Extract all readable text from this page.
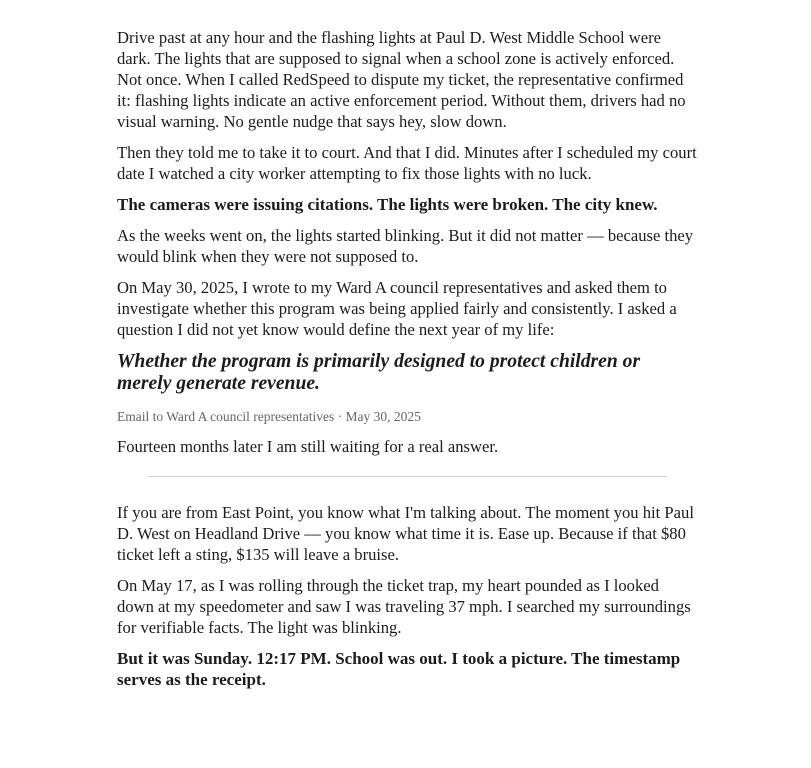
Drive past at any hour and the flashing lights at Paul D. West Middle School were dark. The lights that are supposed to signal when a school zone is actively enforced. Not once. When I called RedSpeed to dispute my ticket, the representative confirmed it: flashing lights indicate an active enforcement period. Without them, drivers had no visual warning. No gentle nudge that says hey, slow down.

Then they told me to take it to court. And that I did. Minutes after I scheduled my court date I watched a city worker attempting to fix those lights with no luck.

The cameras were issuing citations. The lights were broken. The city knew.

As the weeks went on, the lights started blinking. But it did not matter — because they would blink when they were not supposed to.

On May 30, 2025, I wrote to my Ward A council representatives and asked them to investigate whether this program was being applied fairly and consistently. I asked a question I did not yet know would define the next year of my life:

Whether the program is primarily designed to protect children or merely generate revenue.

Email to Ward A council representatives · May 30, 2025

Fourteen months later I am still waiting for a real answer.

If you are from East Point, you know what I'm talking about. The moment you hit Paul D. West on Headland Drive — you know what time it is. Ease up. Because if that $80 ticket left a sting, $135 will leave a bruise.

On May 17, as I was rolling through the ticket trap, my heart pounded as I looked down at my speedometer and saw I was traveling 37 mph. I searched my surroundings for verifiable facts. The light was blinking.

But it was Sunday. 12:17 PM. School was out. I took a picture. The timestamp serves as the receipt.
